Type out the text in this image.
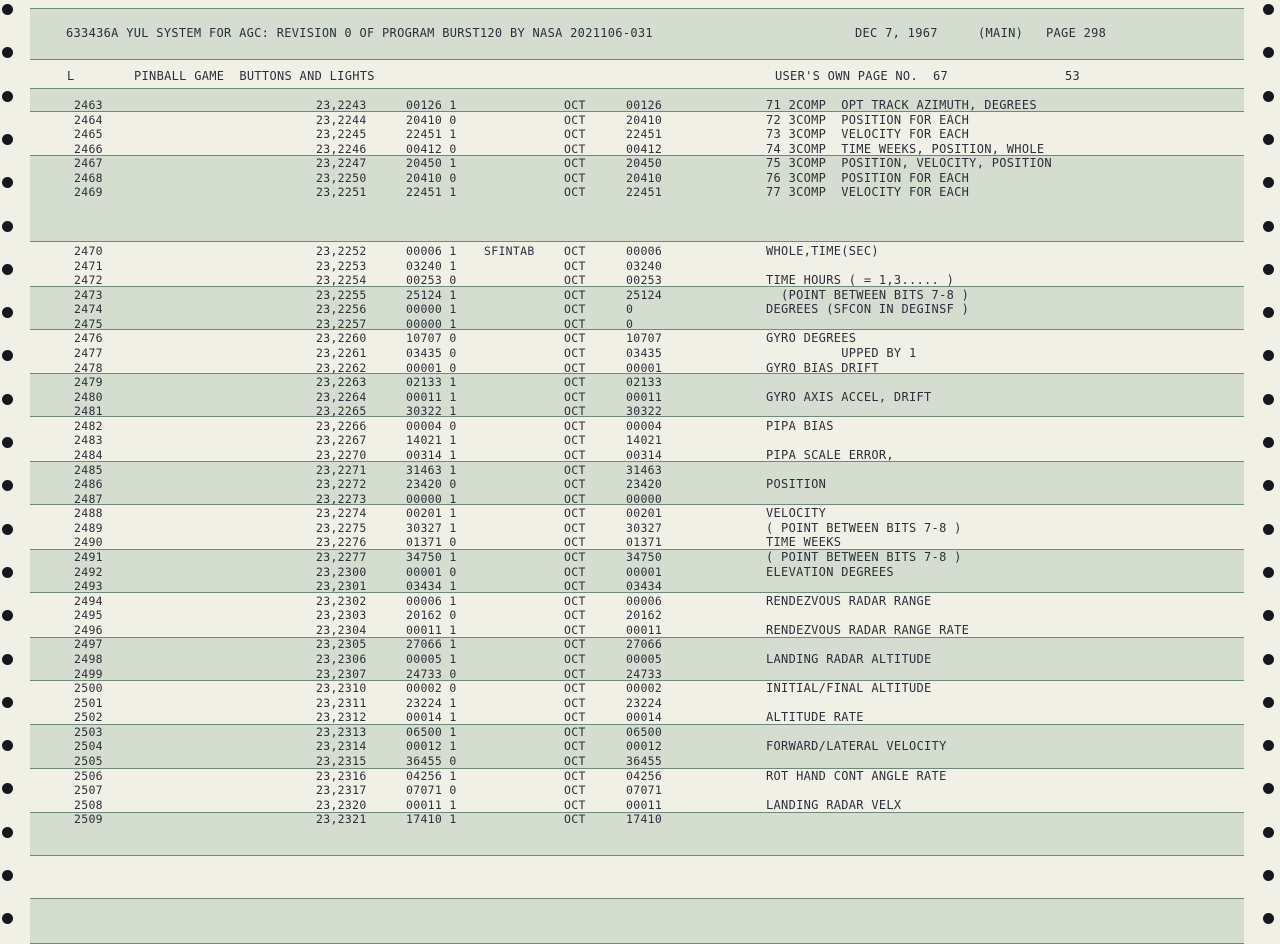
633436A YUL SYSTEM FOR AGC: REVISION 0 OF PROGRAM BURST120 BY NASA 2021106-031	DEC 7, 1967	(MAIN) PAGE 298
L	PINBALL GAME  BUTTONS AND LIGHTS	USER'S OWN PAGE NO.  67	53
2463	23,2243	00126 1	OCT	00126	71 2COMP  OPT TRACK AZIMUTH, DEGREES
2464	23,2244	20410 0	OCT	20410	72 3COMP  POSITION FOR EACH
2465	23,2245	22451 1	OCT	22451	73 3COMP  VELOCITY FOR EACH
2466	23,2246	00412 0	OCT	00412	74 3COMP  TIME WEEKS, POSITION, WHOLE
2467	23,2247	20450 1	OCT	20450	75 3COMP  POSITION, VELOCITY, POSITION
2468	23,2250	20410 0	OCT	20410	76 3COMP  POSITION FOR EACH
2469	23,2251	22451 1	OCT	22451	77 3COMP  VELOCITY FOR EACH
2470	23,2252	00006 1 SFINTAB	OCT	00006	WHOLE,TIME(SEC)
2471	23,2253	03240 1	OCT	03240
2472	23,2254	00253 0	OCT	00253	TIME HOURS ( = 1,3..... )
2473	23,2255	25124 1	OCT	25124	(POINT BETWEEN BITS 7-8 )
2474	23,2256	00000 1	OCT	0	DEGREES (SFCON IN DEGINSF )
2475	23,2257	00000 1	OCT	0
2476	23,2260	10707 0	OCT	10707	GYRO DEGREES
2477	23,2261	03435 0	OCT	03435	UPPED BY 1
2478	23,2262	00001 0	OCT	00001	GYRO BIAS DRIFT
2479	23,2263	02133 1	OCT	02133
2480	23,2264	00011 1	OCT	00011	GYRO AXIS ACCEL, DRIFT
2481	23,2265	30322 1	OCT	30322
2482	23,2266	00004 0	OCT	00004	PIPA BIAS
2483	23,2267	14021 1	OCT	14021
2484	23,2270	00314 1	OCT	00314	PIPA SCALE ERROR,
2485	23,2271	31463 1	OCT	31463
2486	23,2272	23420 0	OCT	23420	POSITION
2487	23,2273	00000 1	OCT	00000
2488	23,2274	00201 1	OCT	00201	VELOCITY
2489	23,2275	30327 1	OCT	30327	( POINT BETWEEN BITS 7-8 )
2490	23,2276	01371 0	OCT	01371	TIME WEEKS
2491	23,2277	34750 1	OCT	34750	( POINT BETWEEN BITS 7-8 )
2492	23,2300	00001 0	OCT	00001	ELEVATION DEGREES
2493	23,2301	03434 1	OCT	03434
2494	23,2302	00006 1	OCT	00006	RENDEZVOUS RADAR RANGE
2495	23,2303	20162 0	OCT	20162
2496	23,2304	00011 1	OCT	00011	RENDEZVOUS RADAR RANGE RATE
2497	23,2305	27066 1	OCT	27066
2498	23,2306	00005 1	OCT	00005	LANDING RADAR ALTITUDE
2499	23,2307	24733 0	OCT	24733
2500	23,2310	00002 0	OCT	00002	INITIAL/FINAL ALTITUDE
2501	23,2311	23224 1	OCT	23224
2502	23,2312	00014 1	OCT	00014	ALTITUDE RATE
2503	23,2313	06500 1	OCT	06500
2504	23,2314	00012 1	OCT	00012	FORWARD/LATERAL VELOCITY
2505	23,2315	36455 0	OCT	36455
2506	23,2316	04256 1	OCT	04256	ROT HAND CONT ANGLE RATE
2507	23,2317	07071 0	OCT	07071
2508	23,2320	00011 1	OCT	00011	LANDING RADAR VELX
2509	23,2321	17410 1	OCT	17410
